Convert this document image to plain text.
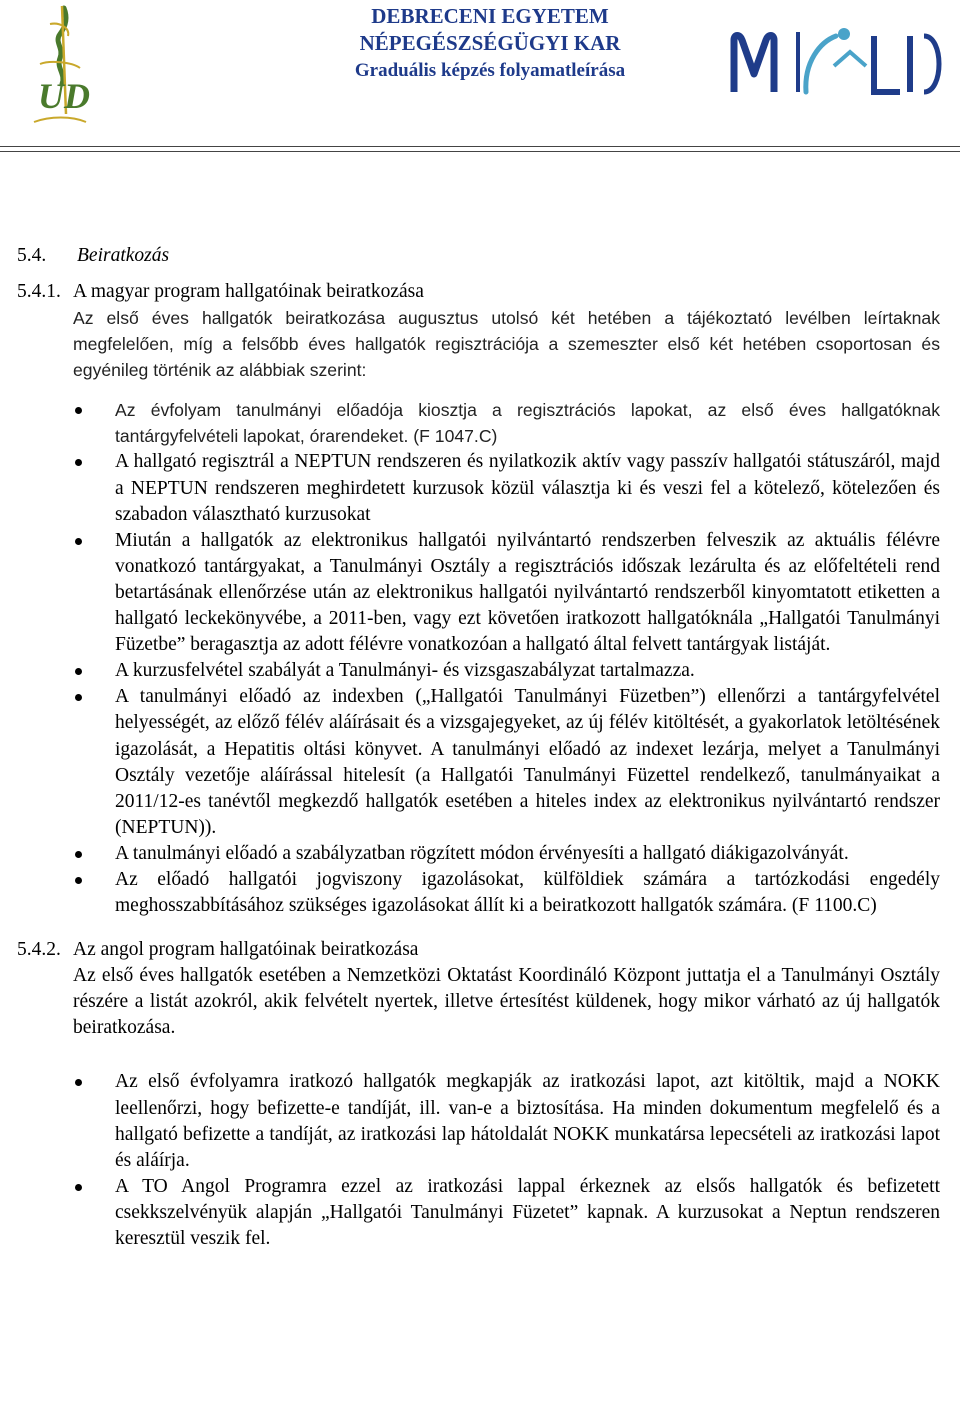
UD
DEBRECENI EGYETEM
NÉPEGÉSZSÉGÜGYI KAR
Graduális képzés folyamatleírása
5.4. Beiratkozás
5.4.1. A magyar program hallgatóinak beiratkozása
Az első éves hallgatók beiratkozása augusztus utolsó két hetében a tájékoztató levélben leírtaknak megfelelően, míg a felsőbb éves hallgatók regisztrációja a szemeszter első két hetében csoportosan és egyénileg történik az alábbiak szerint:
Az évfolyam tanulmányi előadója kiosztja a regisztrációs lapokat, az első éves hallgatóknak tantárgyfelvételi lapokat, órarendeket. (F 1047.C)
A hallgató regisztrál a NEPTUN rendszeren és nyilatkozik aktív vagy passzív hallgatói státuszáról, majd a NEPTUN rendszeren meghirdetett kurzusok közül választja ki és veszi fel a kötelező, kötelezően és szabadon választható kurzusokat
Miután a hallgatók az elektronikus hallgatói nyilvántartó rendszerben felveszik az aktuális félévre vonatkozó tantárgyakat, a Tanulmányi Osztály a regisztrációs időszak lezárulta és az előfeltételi rend betartásának ellenőrzése után az elektronikus hallgatói nyilvántartó rendszerből kinyomtatott etiketten a hallgató leckekönyvébe, a 2011-ben, vagy ezt követően iratkozott hallgatóknála „Hallgatói Tanulmányi Füzetbe” beragasztja az adott félévre vonatkozóan a hallgató által felvett tantárgyak listáját.
A kurzusfelvétel szabályát a Tanulmányi- és vizsgaszabályzat tartalmazza.
A tanulmányi előadó az indexben („Hallgatói Tanulmányi Füzetben”) ellenőrzi a tantárgyfelvétel helyességét, az előző félév aláírásait és a vizsgajegyeket, az új félév kitöltését, a gyakorlatok letöltésének igazolását, a Hepatitis oltási könyvet. A tanulmányi előadó az indexet lezárja, melyet a Tanulmányi Osztály vezetője aláírással hitelesít (a Hallgatói Tanulmányi Füzettel rendelkező, tanulmányaikat a 2011/12-es tanévtől megkezdő hallgatók esetében a hiteles index az elektronikus nyilvántartó rendszer (NEPTUN)).
A tanulmányi előadó a szabályzatban rögzített módon érvényesíti a hallgató diákigazolványát.
Az előadó hallgatói jogviszony igazolásokat, külföldiek számára a tartózkodási engedély meghosszabbításához szükséges igazolásokat állít ki a beiratkozott hallgatók számára. (F 1100.C)
5.4.2. Az angol program hallgatóinak beiratkozása
Az első éves hallgatók esetében a Nemzetközi Oktatást Koordináló Központ juttatja el a Tanulmányi Osztály részére a listát azokról, akik felvételt nyertek, illetve értesítést küldenek, hogy mikor várható az új hallgatók beiratkozása.
Az első évfolyamra iratkozó hallgatók megkapják az iratkozási lapot, azt kitöltik, majd a NOKK leellenőrzi, hogy befizette-e tandíját, ill. van-e a biztosítása. Ha minden dokumentum megfelelő és a hallgató befizette a tandíját, az iratkozási lap hátoldalát NOKK munkatársa lepecsételi az iratkozási lapot és aláírja.
A TO Angol Programra ezzel az iratkozási lappal érkeznek az elsős hallgatók és befizetett csekkszelvényük alapján „Hallgatói Tanulmányi Füzetet” kapnak. A kurzusokat a Neptun rendszeren keresztül veszik fel.
